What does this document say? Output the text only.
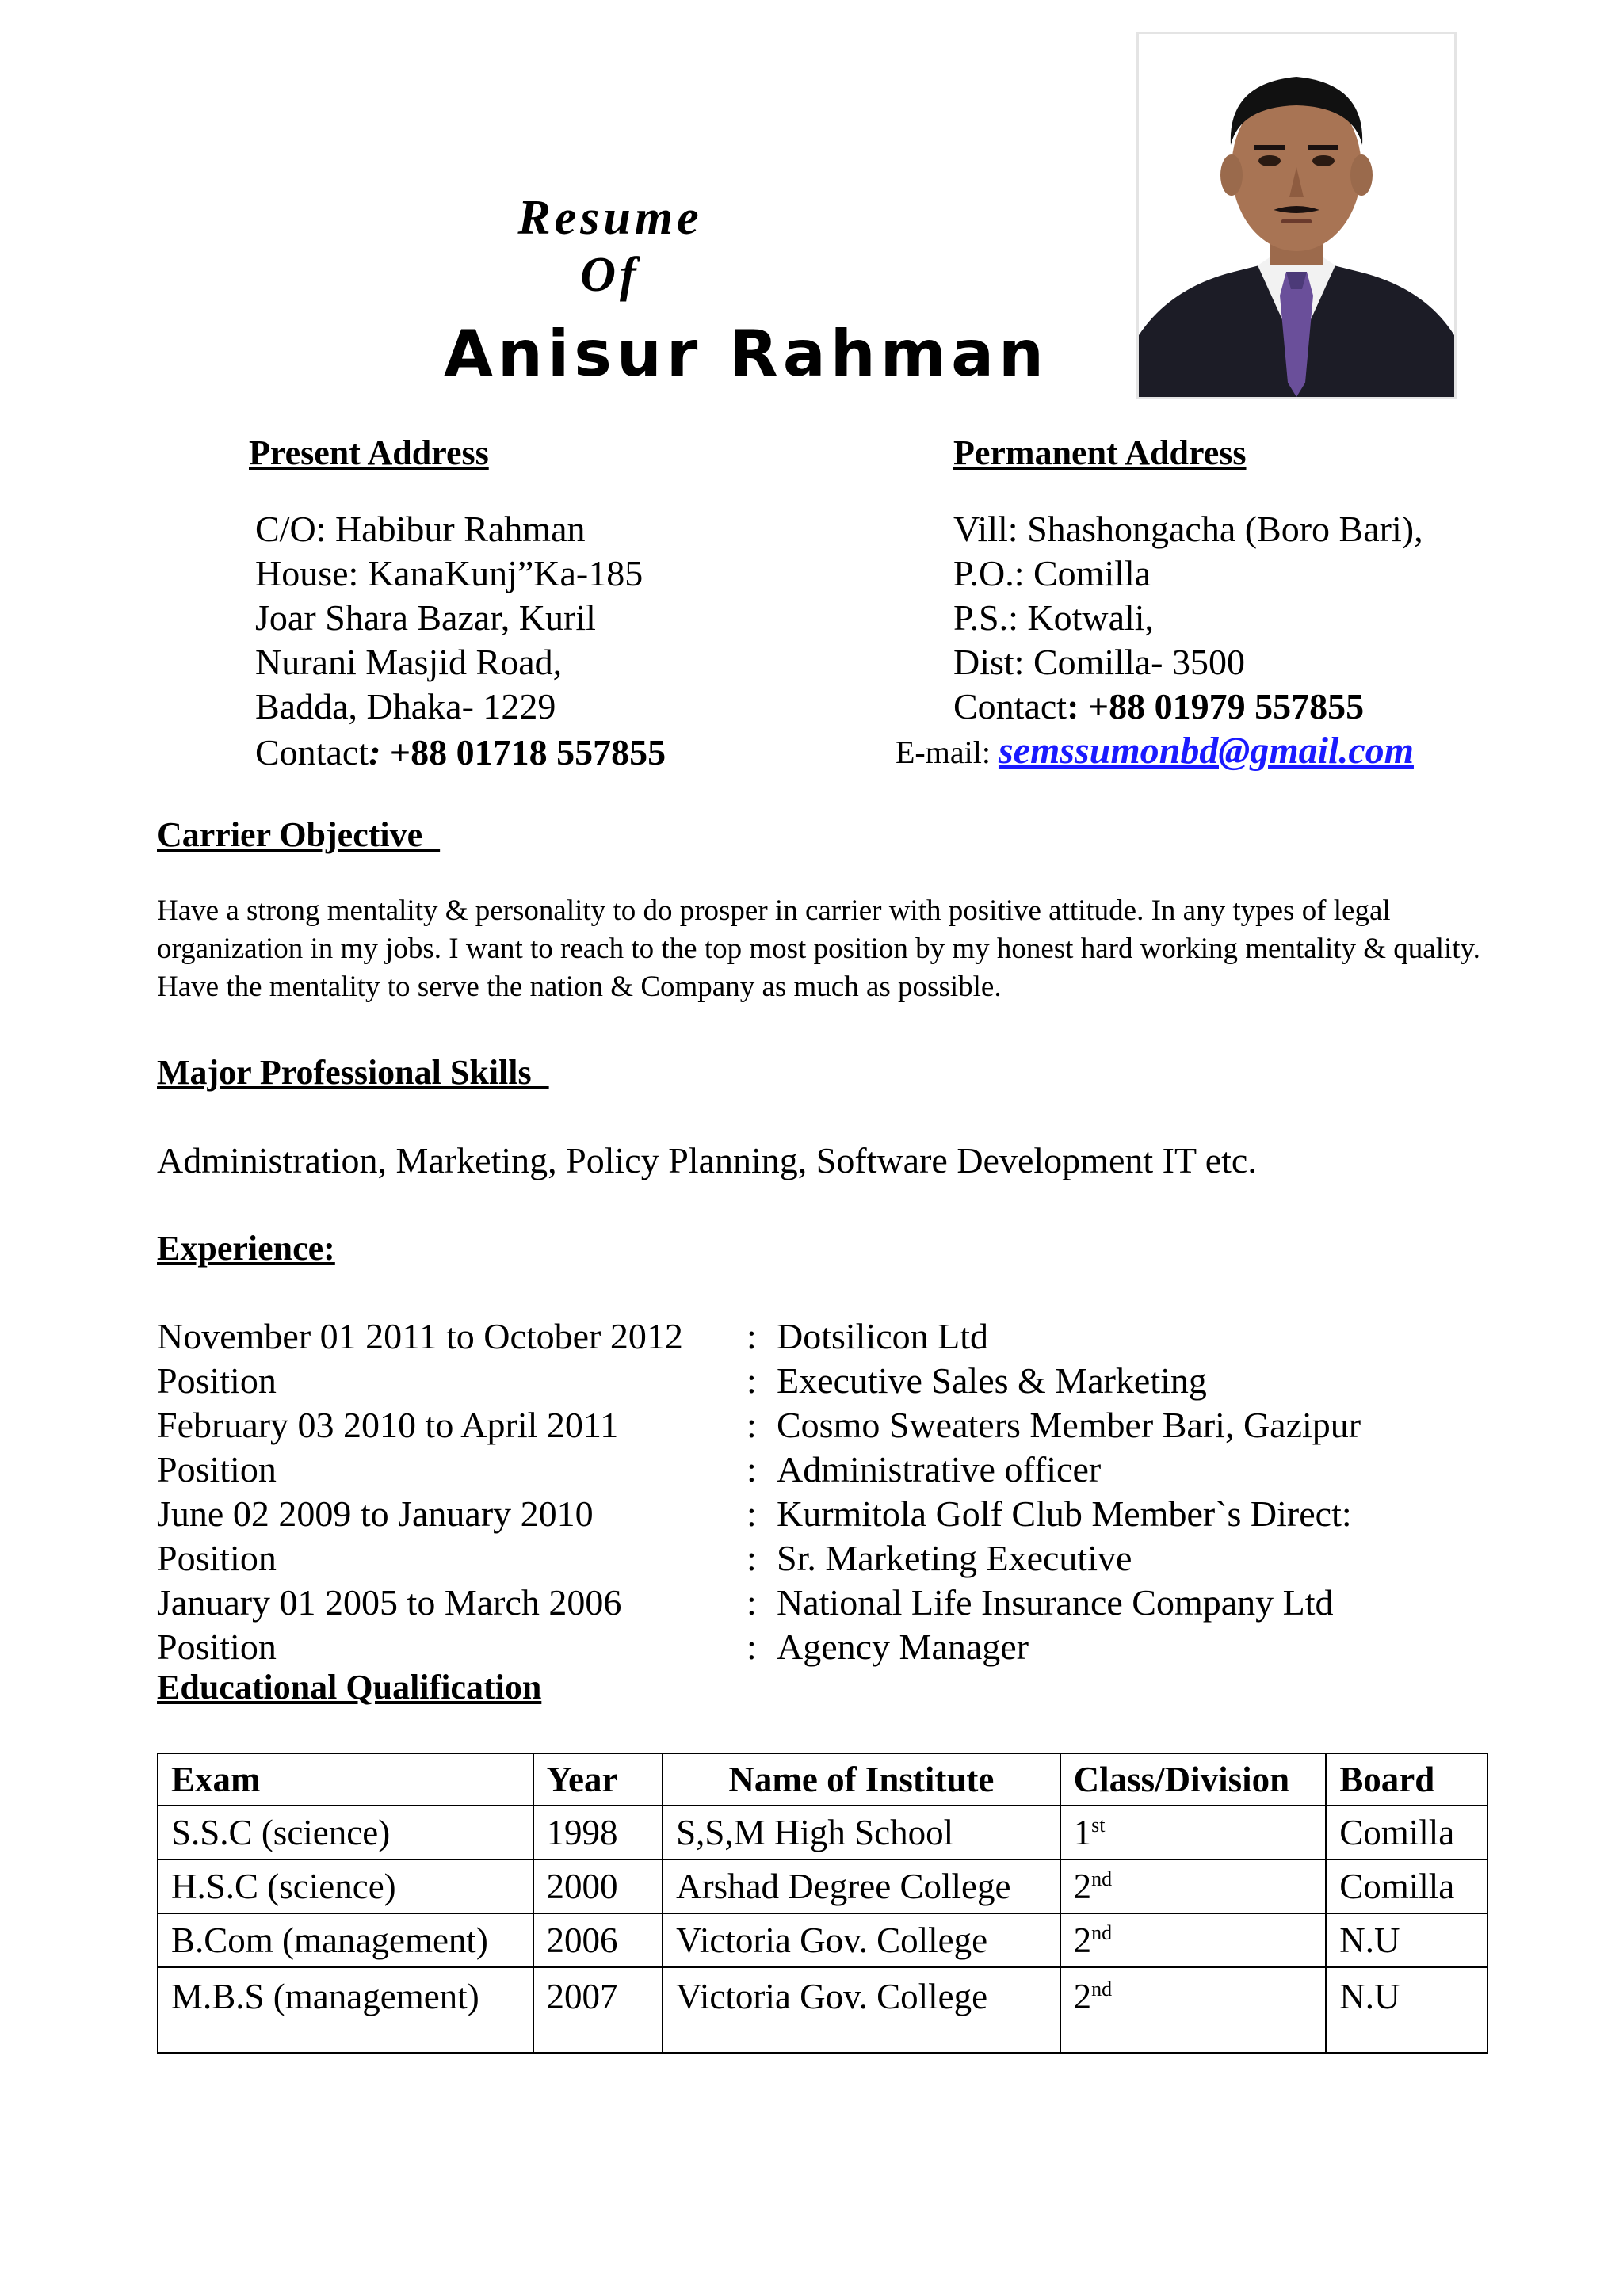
Resume
Of
Anisur Rahman
Present Address
C/O: Habibur Rahman
House: KanaKunj”Ka-185
Joar Shara Bazar, Kuril
Nurani Masjid Road,
Badda, Dhaka- 1229
Contact: +88 01718 557855
Permanent Address
Vill: Shashongacha (Boro Bari),
P.O.: Comilla
P.S.: Kotwali,
Dist: Comilla- 3500
Contact: +88 01979 557855
E-mail: semssumonbd@gmail.com
Carrier Objective
Have a strong mentality & personality to do prosper in carrier with positive attitude. In any types of legal organization in my jobs. I want to reach to the top most position by my honest hard working mentality & quality. Have the mentality to serve the nation & Company as much as possible.
Major Professional Skills
Administration, Marketing, Policy Planning, Software Development IT etc.
Experience:
November 01 2011 to October 2012 : Dotsilicon Ltd
Position	: Executive Sales & Marketing
February 03 2010 to April 2011	: Cosmo Sweaters Member Bari, Gazipur
Position	: Administrative officer
June 02 2009 to January 2010	: Kurmitola Golf Club Member`s Direct:
Position	: Sr. Marketing Executive
January 01 2005 to March 2006	: National Life Insurance Company Ltd
Position	: Agency Manager
Educational Qualification
Exam	Year	Name of Institute	Class/Division	Board
S.S.C (science)	1998	S,S,M High School	1st	Comilla
H.S.C (science)	2000	Arshad Degree College	2nd	Comilla
B.Com (management)	2006	Victoria Gov. College	2nd	N.U
M.B.S (management)	2007	Victoria Gov. College	2nd	N.U
